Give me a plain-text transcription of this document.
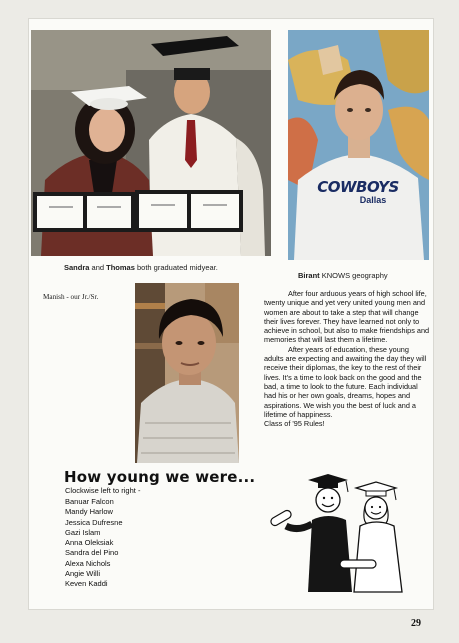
Sandra and Thomas both graduated midyear.
COWBOYS
Dallas
Birant KNOWS geography
Manish - our Jr./Sr.	After four arduous years of high school life, twenty unique and yet very united young men and women are about to take a step that will change their lives forever. They have learned not only to achieve in school, but also to make friendships and memories that will last them a lifetime.

After years of education, these young adults are expecting and awaiting the day they will receive their diplomas, the key to the rest of their lives. It's a time to look back on the good and the bad, a time to look to the future. Each individual had his or her own goals, dreams, hopes and aspirations. We wish you the best of luck and a lifetime of happiness.

Class of '95 Rules!
How young we were...
Clockwise left to right -
Banuar Falcon
Mandy Harlow
Jessica Dufresne
Gazi Islam
Anna Oleksiak
Sandra del Pino
Alexa Nichols
Angie Willi
Keven Kaddi
29
